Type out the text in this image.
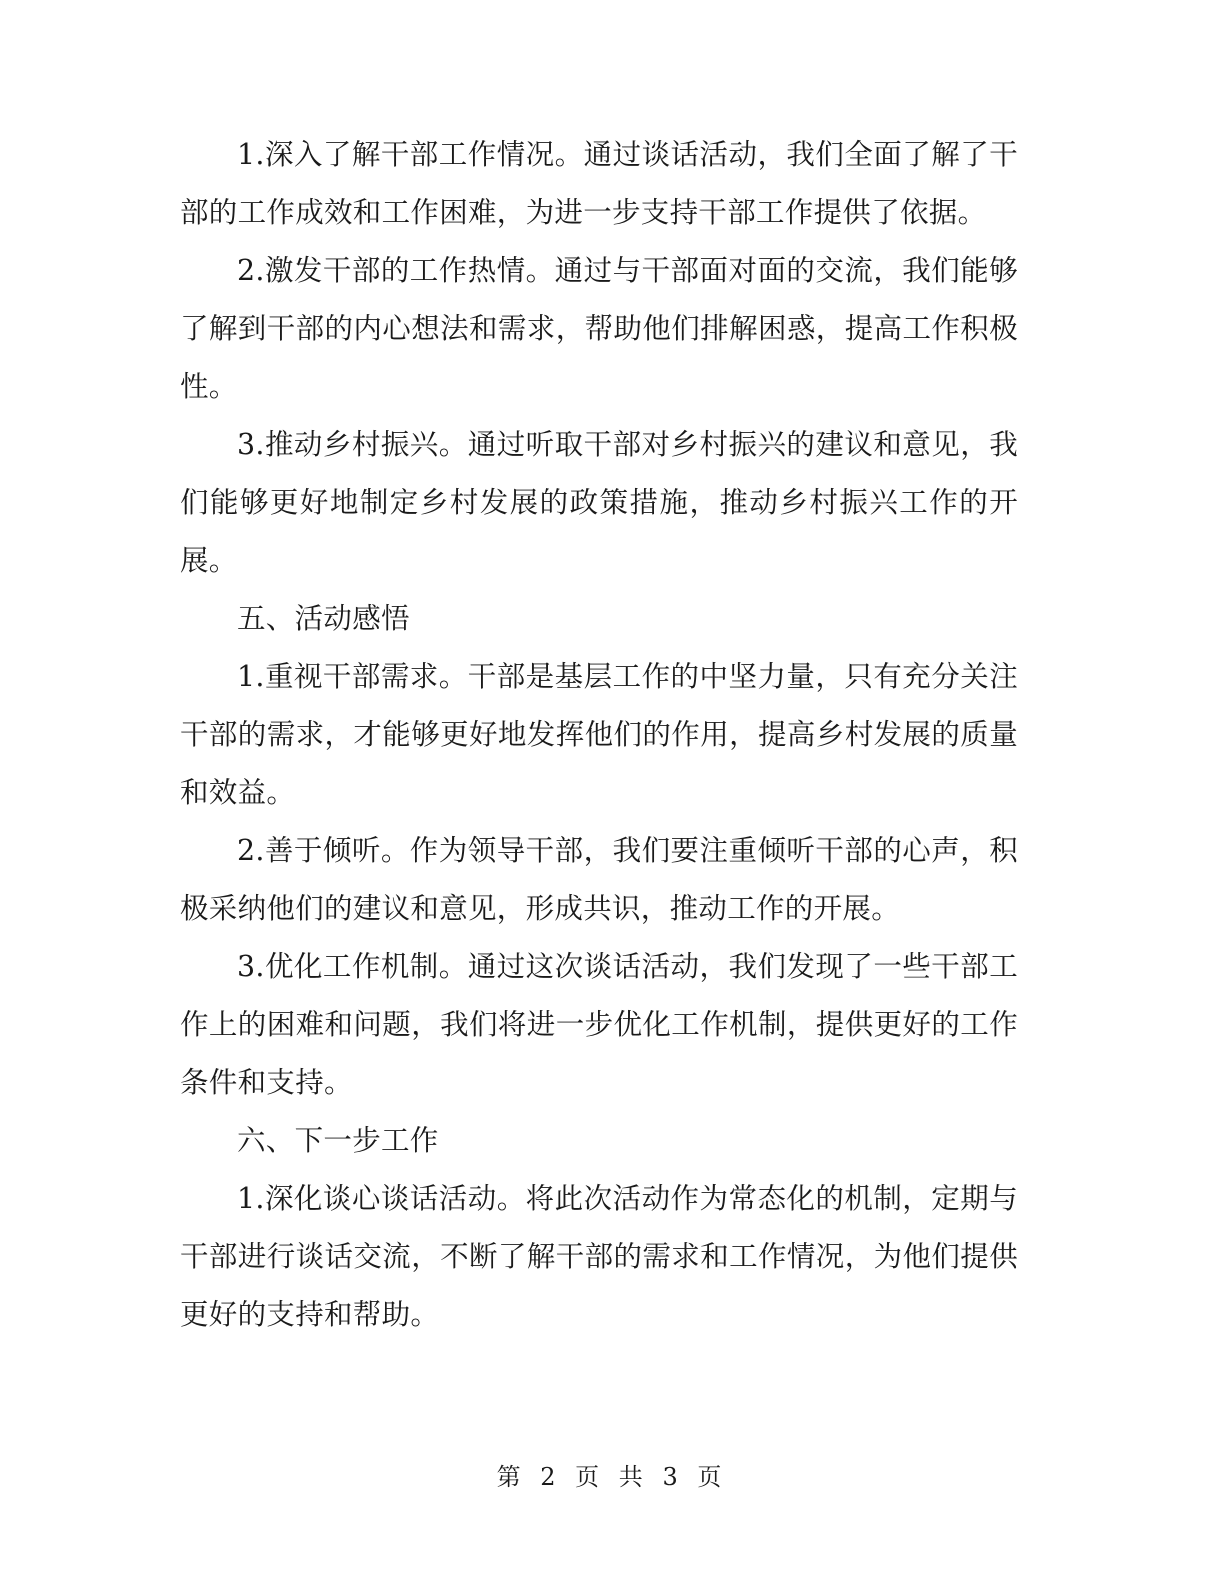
1.深入了解干部工作情况。通过谈话活动，我们全面了解了干部的工作成效和工作困难，为进一步支持干部工作提供了依据。

2.激发干部的工作热情。通过与干部面对面的交流，我们能够了解到干部的内心想法和需求，帮助他们排解困惑，提高工作积极性。

3.推动乡村振兴。通过听取干部对乡村振兴的建议和意见，我们能够更好地制定乡村发展的政策措施，推动乡村振兴工作的开展。

五、活动感悟

1.重视干部需求。干部是基层工作的中坚力量，只有充分关注干部的需求，才能够更好地发挥他们的作用，提高乡村发展的质量和效益。

2.善于倾听。作为领导干部，我们要注重倾听干部的心声，积极采纳他们的建议和意见，形成共识，推动工作的开展。

3.优化工作机制。通过这次谈话活动，我们发现了一些干部工作上的困难和问题，我们将进一步优化工作机制，提供更好的工作条件和支持。

六、下一步工作

1.深化谈心谈话活动。将此次活动作为常态化的机制，定期与干部进行谈话交流，不断了解干部的需求和工作情况，为他们提供更好的支持和帮助。

第 2 页 共 3 页
